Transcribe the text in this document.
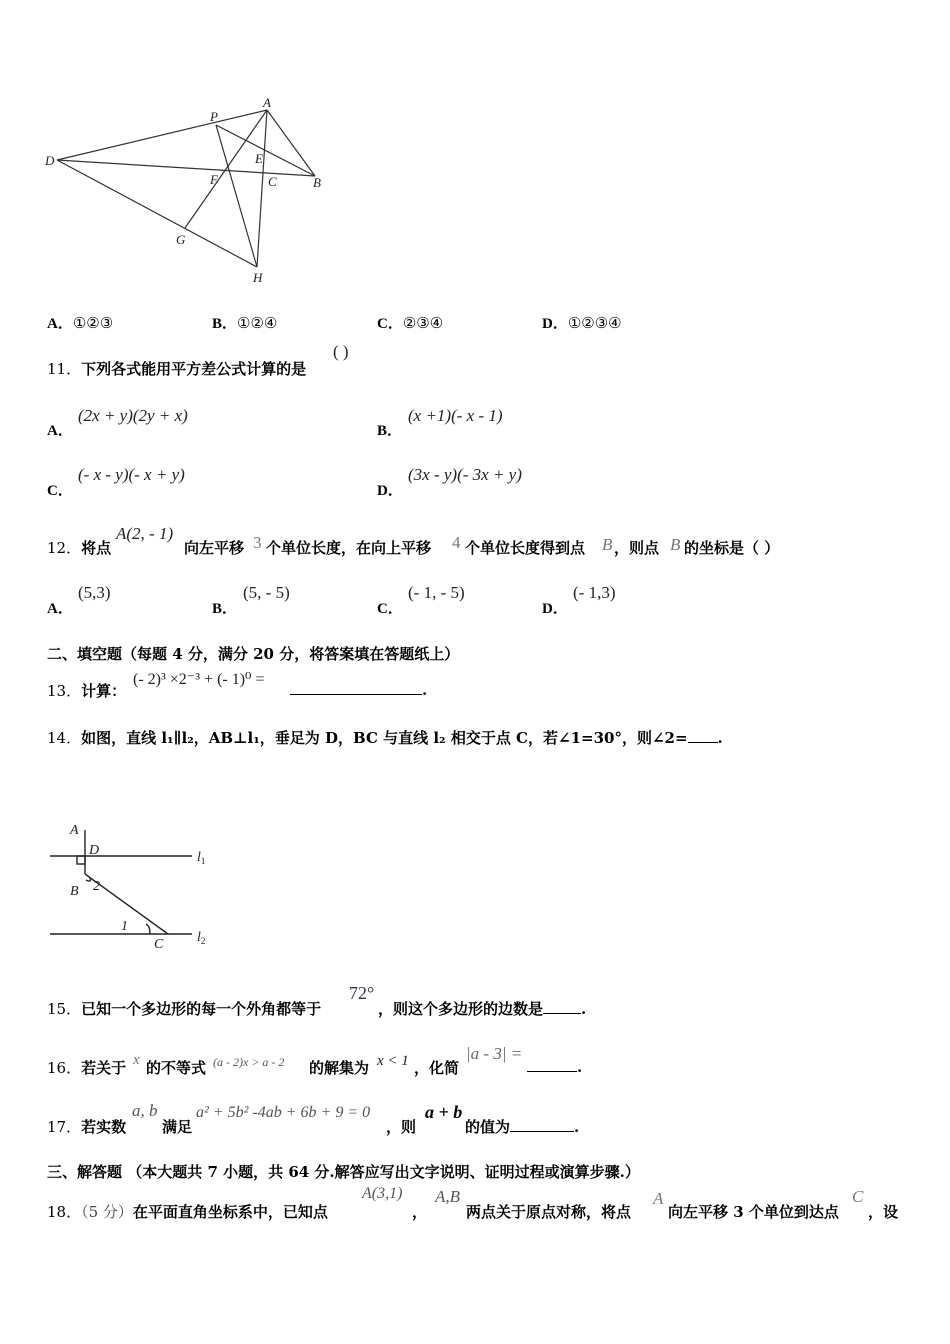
P
A
D	E
F	C	B
G
H
A．①②③	B．①②④	C．②③④	D．①②③④
11．下列各式能用平方差公式计算的是
( )
A．
(2x + y)(2y + x)
B．
(x +1)(- x - 1)
C．
(- x - y)(- x + y)
D．
(3x - y)(- 3x + y)
12．将点
A(2, - 1)
向左平移 3 个单位长度，在向上平移 4 个单位长度得到点 B ，则点 B 的坐标是（ ）
A．
(5,3)
B．
(5, - 5)
C．
(- 1, - 5)
D．
(- 1,3)
二、填空题（每题 4 分，满分 20 分，将答案填在答题纸上）
13．计算：
(- 2)³ ×2⁻³ + (- 1)⁰ =
.
14．如图，直线 l₁∥l₂，AB⊥l₁，垂足为 D，BC 与直线 l₂ 相交于点 C，若∠1=30°，则∠2= .
A
D	$l_1$
B 2
1
C $l_2$
15．已知一个多边形的每一个外角都等于
72°
，则这个多边形的边数是	.
16．若关于 x 的不等式 (a - 2)x > a - 2 的解集为 x < 1 ，化简
|a - 3| =
.
17．若实数
a, b
满足
a² + 5b² -4ab + 6b + 9 = 0
，则
a + b
的值为	.
三、解答题 （本大题共 7 小题，共 64 分.解答应写出文字说明、证明过程或演算步骤.）
18．（5 分）在平面直角坐标系中，已知点
A(3,1)
，
A,B
两点关于原点对称，将点
A
向左平移 3 个单位到达点
C
，设
